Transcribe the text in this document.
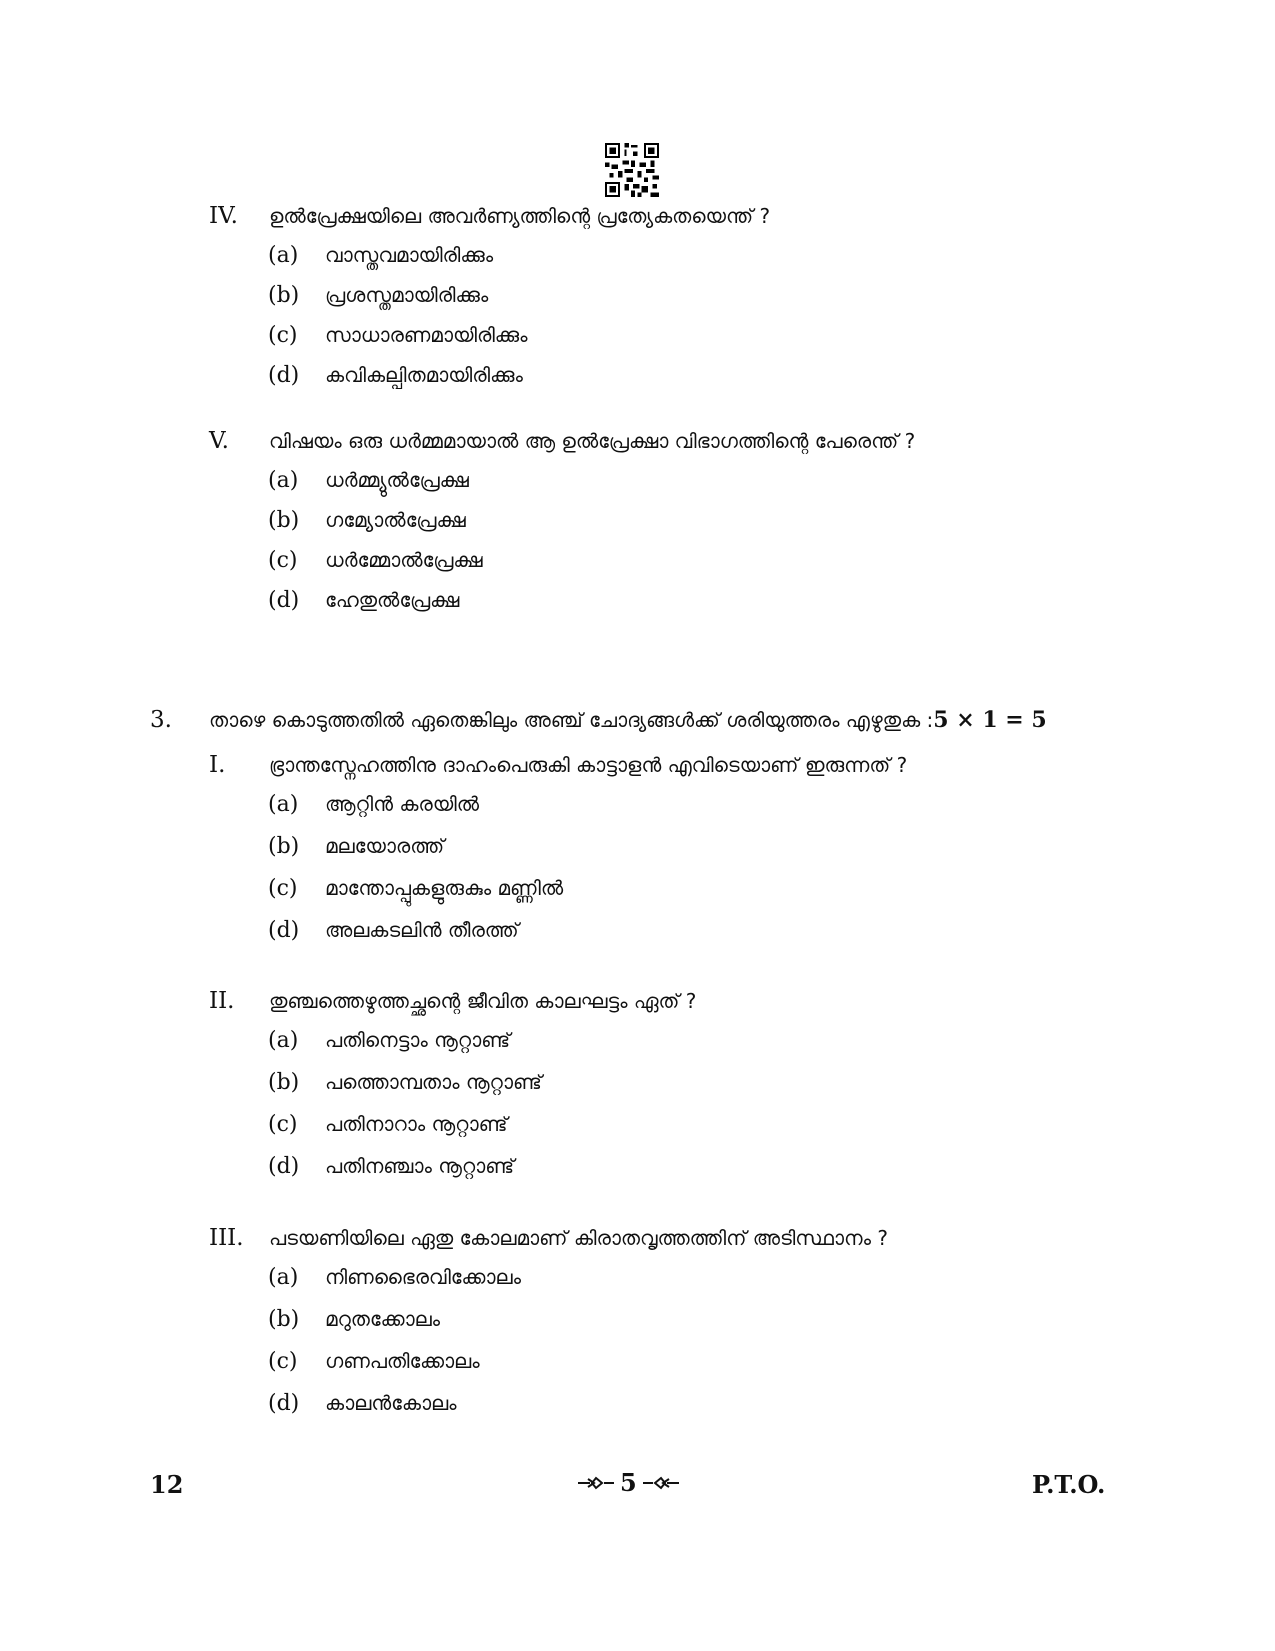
IV.	ഉൽപ്രേക്ഷയിലെ അവർണ്യത്തിന്റെ പ്രത്യേകതയെന്ത് ?
(a)	വാസ്തവമായിരിക്കും
(b)	പ്രശസ്തമായിരിക്കും
(c)	സാധാരണമായിരിക്കും
(d)	കവികല്പിതമായിരിക്കും
V.	വിഷയം ഒരു ധർമ്മമായാൽ ആ ഉൽപ്രേക്ഷാ വിഭാഗത്തിന്റെ പേരെന്ത് ?
(a)	ധർമ്മ്യുൽപ്രേക്ഷ
(b)	ഗമ്യോൽപ്രേക്ഷ
(c)	ധർമ്മോൽപ്രേക്ഷ
(d)	ഹേതുൽപ്രേക്ഷ
3. താഴെ കൊടുത്തതിൽ ഏതെങ്കിലും അഞ്ച് ചോദ്യങ്ങൾക്ക് ശരിയുത്തരം എഴുതുക : 5 × 1 = 5
I.	ഭ്രാന്തസ്നേഹത്തിനു ദാഹംപെരുകി കാട്ടാളൻ എവിടെയാണ് ഇരുന്നത് ?
(a)	ആറ്റിൻ കരയിൽ
(b)	മലയോരത്ത്
(c)	മാന്തോപ്പുകളുരുകും മണ്ണിൽ
(d)	അലകടലിൻ തീരത്ത്
II.	തുഞ്ചത്തെഴുത്തച്ഛന്റെ ജീവിത കാലഘട്ടം ഏത് ?
(a)	പതിനെട്ടാം നൂറ്റാണ്ട്
(b)	പത്തൊമ്പതാം നൂറ്റാണ്ട്
(c)	പതിനാറാം നൂറ്റാണ്ട്
(d)	പതിനഞ്ചാം നൂറ്റാണ്ട്
III.	പടയണിയിലെ ഏതു കോലമാണ് കിരാതവൃത്തത്തിന് അടിസ്ഥാനം ?
(a)	നിണഭൈരവിക്കോലം
(b)	മറുതക്കോലം
(c)	ഗണപതിക്കോലം
(d)	കാലൻകോലം
12	5	P.T.O.
